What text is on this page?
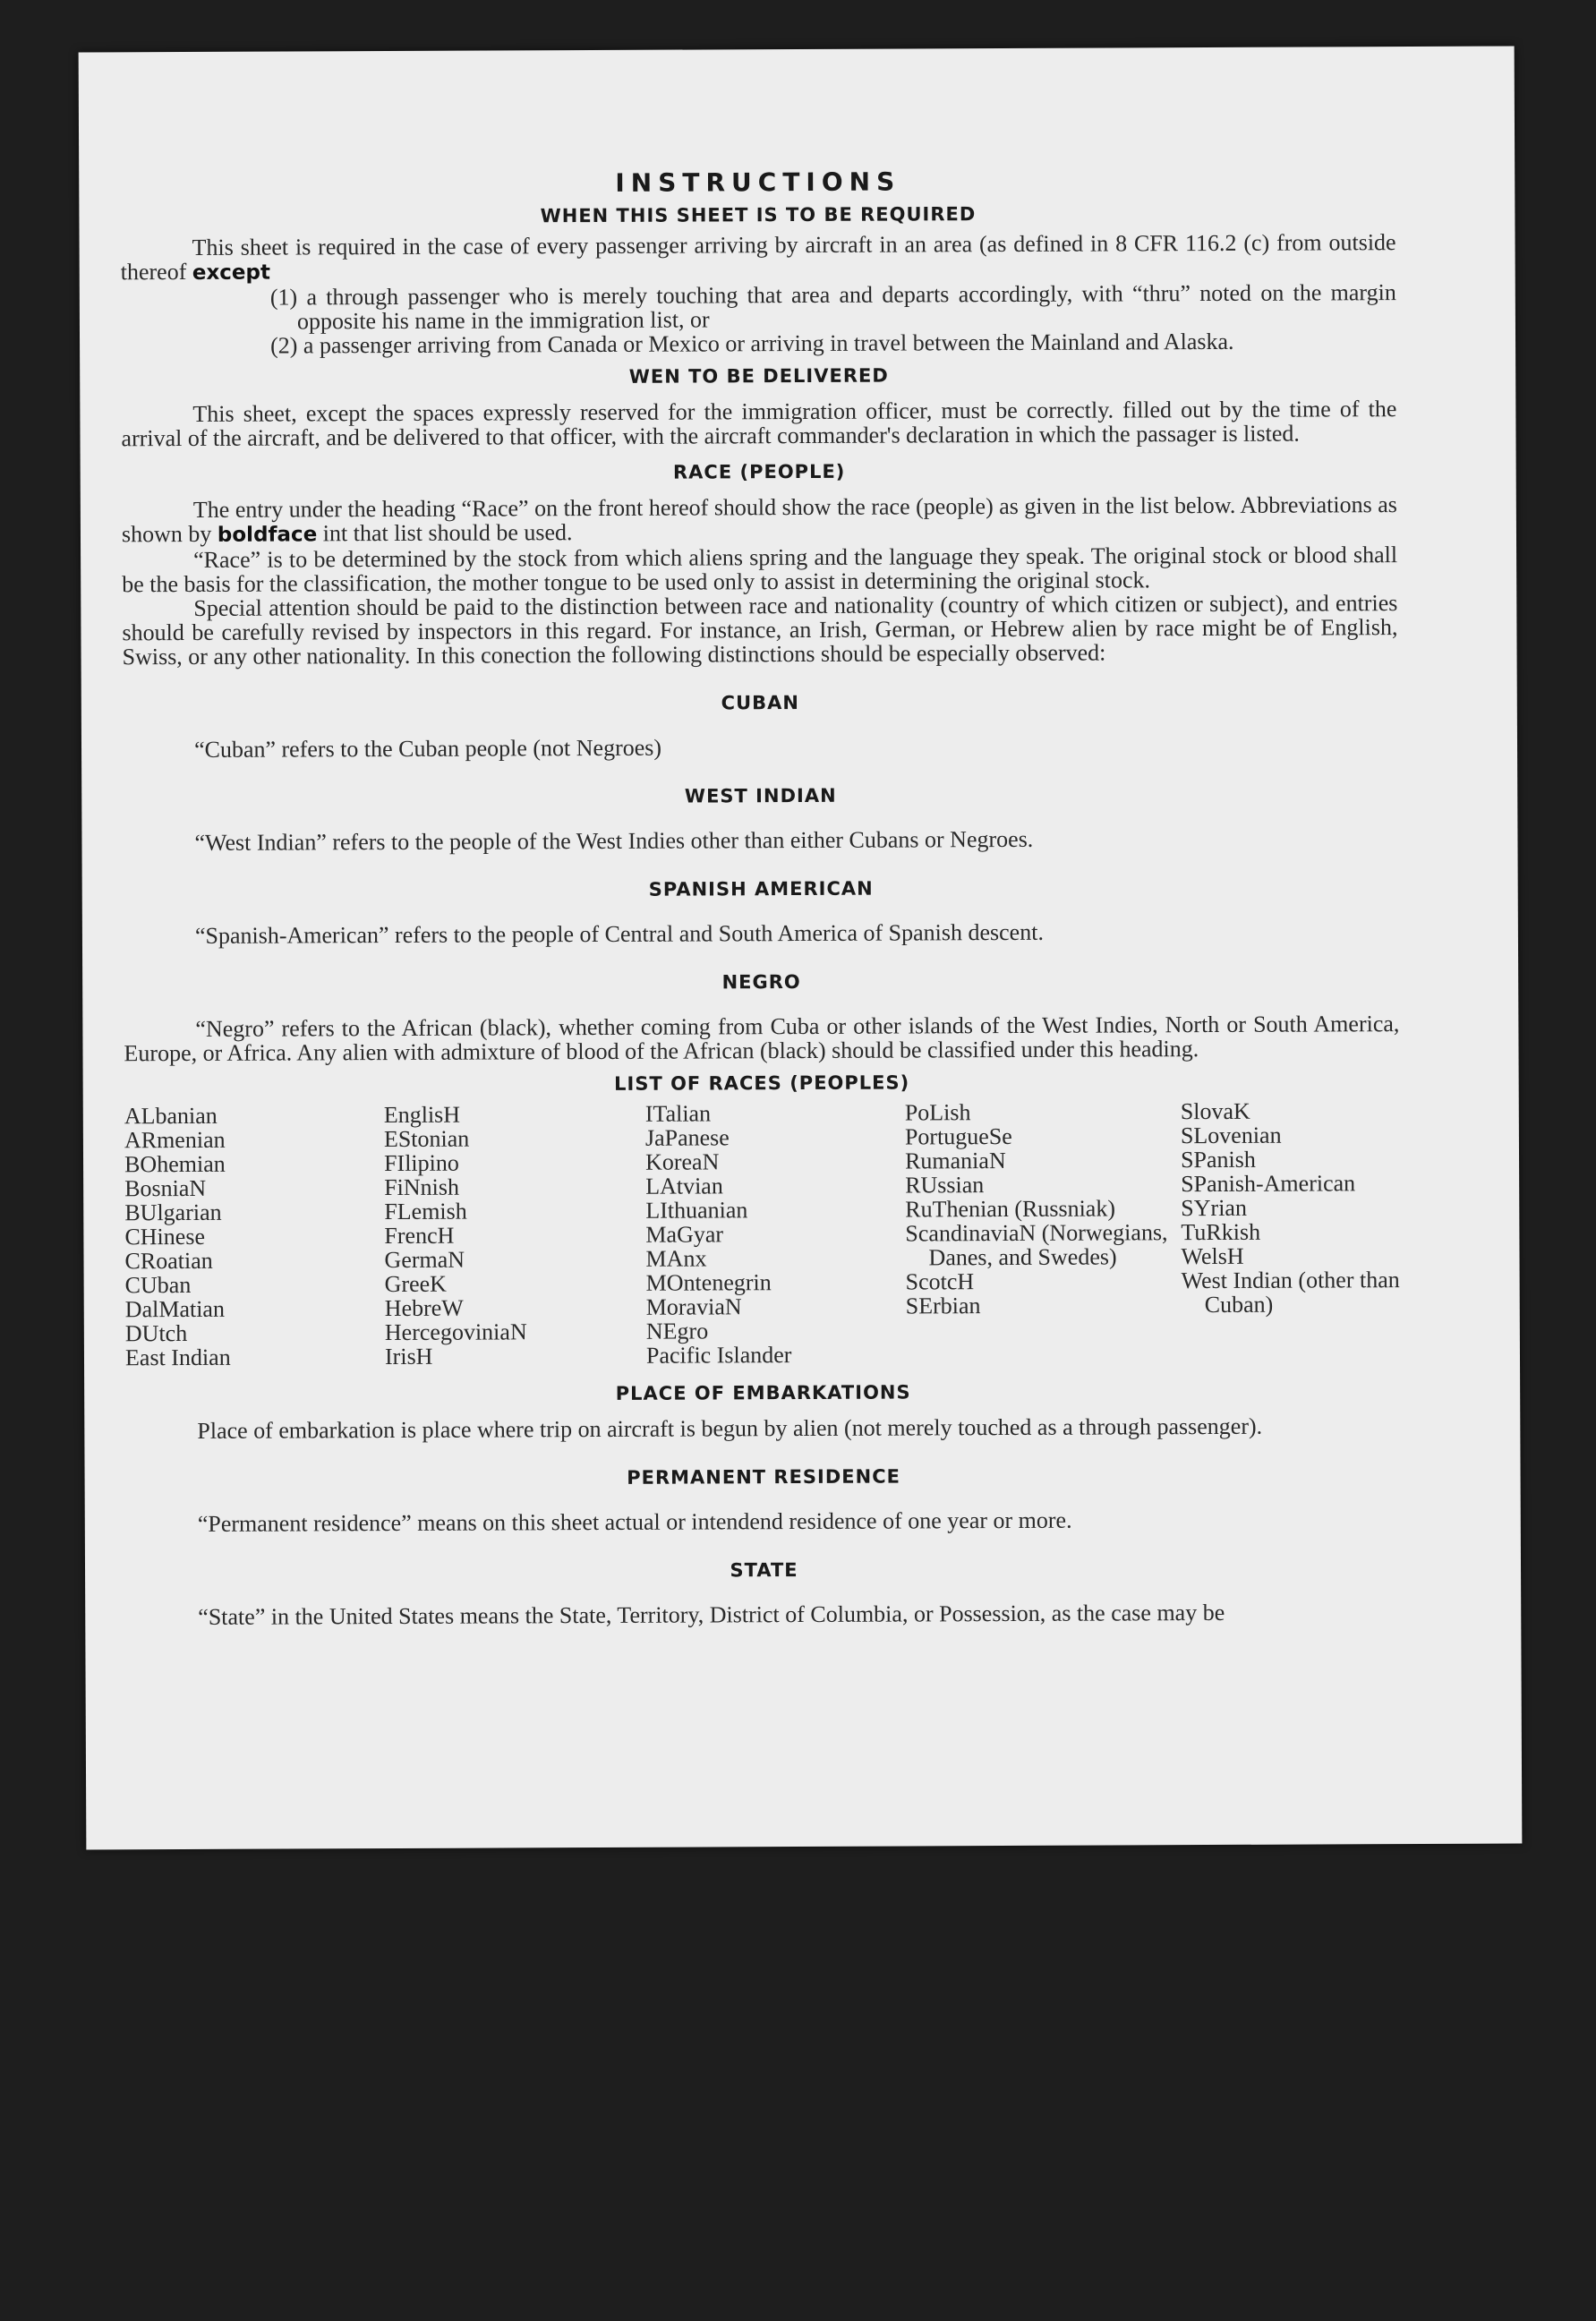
INSTRUCTIONS
WHEN THIS SHEET IS TO BE REQUIRED

This sheet is required in the case of every passenger arriving by aircraft in an area (as defined in 8 CFR 116.2 (c) from outside thereof except

(1) a through passenger who is merely touching that area and departs accordingly, with “thru” noted on the margin opposite his name in the immigration list, or

(2) a passenger arriving from Canada or Mexico or arriving in travel between the Mainland and Alaska.

WEN TO BE DELIVERED

This sheet, except the spaces expressly reserved for the immigration officer, must be correctly. filled out by the time of the arrival of the aircraft, and be delivered to that officer, with the aircraft commander's declaration in which the passager is listed.

RACE (PEOPLE)

The entry under the heading “Race” on the front hereof should show the race (people) as given in the list below. Abbreviations as shown by boldface int that list should be used.

“Race” is to be determined by the stock from which aliens spring and the language they speak. The original stock or blood shall be the basis for the classification, the mother tongue to be used only to assist in determining the original stock.

Special attention should be paid to the distinction between race and nationality (country of which citizen or subject), and entries should be carefully revised by inspectors in this regard. For instance, an Irish, German, or Hebrew alien by race might be of English, Swiss, or any other nationality. In this conection the following distinctions should be especially observed:

CUBAN

“Cuban” refers to the Cuban people (not Negroes)

WEST INDIAN

“West Indian” refers to the people of the West Indies other than either Cubans or Negroes.

SPANISH AMERICAN

“Spanish-American” refers to the people of Central and South America of Spanish descent.

NEGRO

“Negro” refers to the African (black), whether coming from Cuba or other islands of the West Indies, North or South America, Europe, or Africa. Any alien with admixture of blood of the African (black) should be classified under this heading.

LIST OF RACES (PEOPLES)
ALbanian
ARmenian
BOhemian
BosniaN
BUlgarian
CHinese
CRoatian
CUban
DalMatian
DUtch
East Indian
EnglisH
EStonian
FIlipino
FiNnish
FLemish
FrencH
GermaN
GreeK
HebreW
HercegoviniaN
IrisH
ITalian
JaPanese
KoreaN
LAtvian
LIthuanian
MaGyar
MAnx
MOntenegrin
MoraviaN
NEgro
Pacific Islander
PoLish
PortugueSe
RumaniaN
RUssian
RuThenian (Russniak)
ScandinaviaN (Norwegians, Danes, and Swedes)
ScotcH
SErbian
SlovaK
SLovenian
SPanish
SPanish-American
SYrian
TuRkish
WelsH
West Indian (other than Cuban)
PLACE OF EMBARKATIONS

Place of embarkation is place where trip on aircraft is begun by alien (not merely touched as a through passenger).

PERMANENT RESIDENCE

“Permanent residence” means on this sheet actual or intendend residence of one year or more.

STATE

“State” in the United States means the State, Territory, District of Columbia, or Possession, as the case may be
